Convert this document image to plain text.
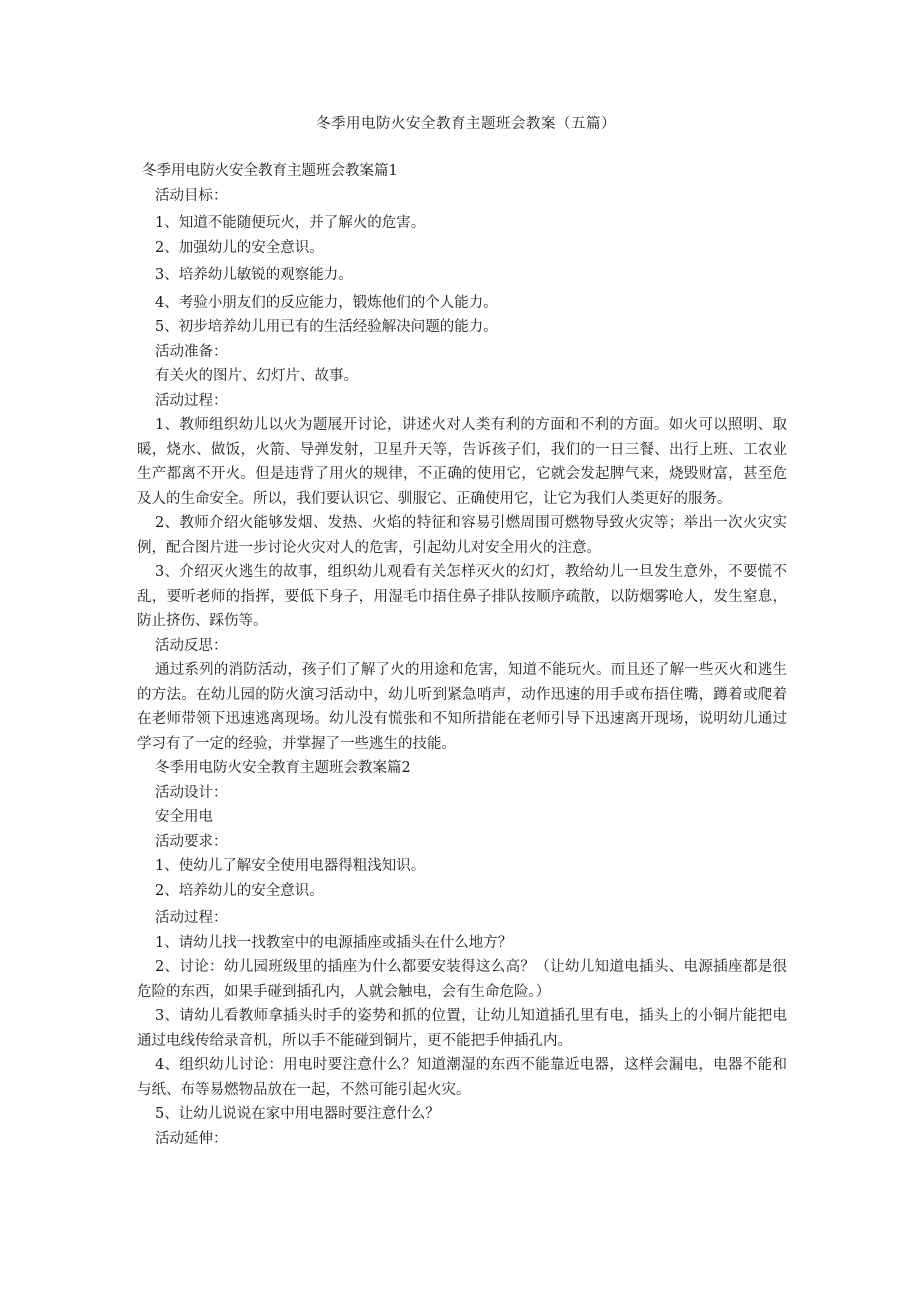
冬季用电防火安全教育主题班会教案（五篇）
冬季用电防火安全教育主题班会教案篇1
活动目标：
1、知道不能随便玩火，并了解火的危害。
2、加强幼儿的安全意识。
3、培养幼儿敏锐的观察能力。
4、考验小朋友们的反应能力，锻炼他们的个人能力。
5、初步培养幼儿用已有的生活经验解决问题的能力。
活动准备：
有关火的图片、幻灯片、故事。
活动过程：

1、教师组织幼儿以火为题展开讨论，讲述火对人类有利的方面和不利的方面。如火可以照明、取暖，烧水、做饭，火箭、导弹发射，卫星升天等，告诉孩子们，我们的一日三餐、出行上班、工农业生产都离不开火。但是违背了用火的规律，不正确的使用它，它就会发起脾气来，烧毁财富，甚至危及人的生命安全。所以，我们要认识它、驯服它、正确使用它，让它为我们人类更好的服务。

2、教师介绍火能够发烟、发热、火焰的特征和容易引燃周围可燃物导致火灾等；举出一次火灾实例，配合图片进一步讨论火灾对人的危害，引起幼儿对安全用火的注意。

3、介绍灭火逃生的故事，组织幼儿观看有关怎样灭火的幻灯，教给幼儿一旦发生意外，不要慌不乱，要听老师的指挥，要低下身子，用湿毛巾捂住鼻子排队按顺序疏散，以防烟雾呛人，发生窒息，防止挤伤、踩伤等。

活动反思：

通过系列的消防活动，孩子们了解了火的用途和危害，知道不能玩火。而且还了解一些灭火和逃生的方法。在幼儿园的防火演习活动中，幼儿听到紧急哨声，动作迅速的用手或布捂住嘴，蹲着或爬着在老师带领下迅速逃离现场。幼儿没有慌张和不知所措能在老师引导下迅速离开现场，说明幼儿通过学习有了一定的经验，并掌握了一些逃生的技能。

冬季用电防火安全教育主题班会教案篇2
活动设计：
安全用电
活动要求：
1、使幼儿了解安全使用电器得粗浅知识。
2、培养幼儿的安全意识。
活动过程：
1、请幼儿找一找教室中的电源插座或插头在什么地方？

2、讨论：幼儿园班级里的插座为什么都要安装得这么高？（让幼儿知道电插头、电源插座都是很危险的东西，如果手碰到插孔内，人就会触电，会有生命危险。）

3、请幼儿看教师拿插头时手的姿势和抓的位置，让幼儿知道插孔里有电，插头上的小铜片能把电通过电线传给录音机，所以手不能碰到铜片，更不能把手伸插孔内。

4、组织幼儿讨论：用电时要注意什么？知道潮湿的东西不能靠近电器，这样会漏电，电器不能和与纸、布等易燃物品放在一起，不然可能引起火灾。

5、让幼儿说说在家中用电器时要注意什么？
活动延伸：
